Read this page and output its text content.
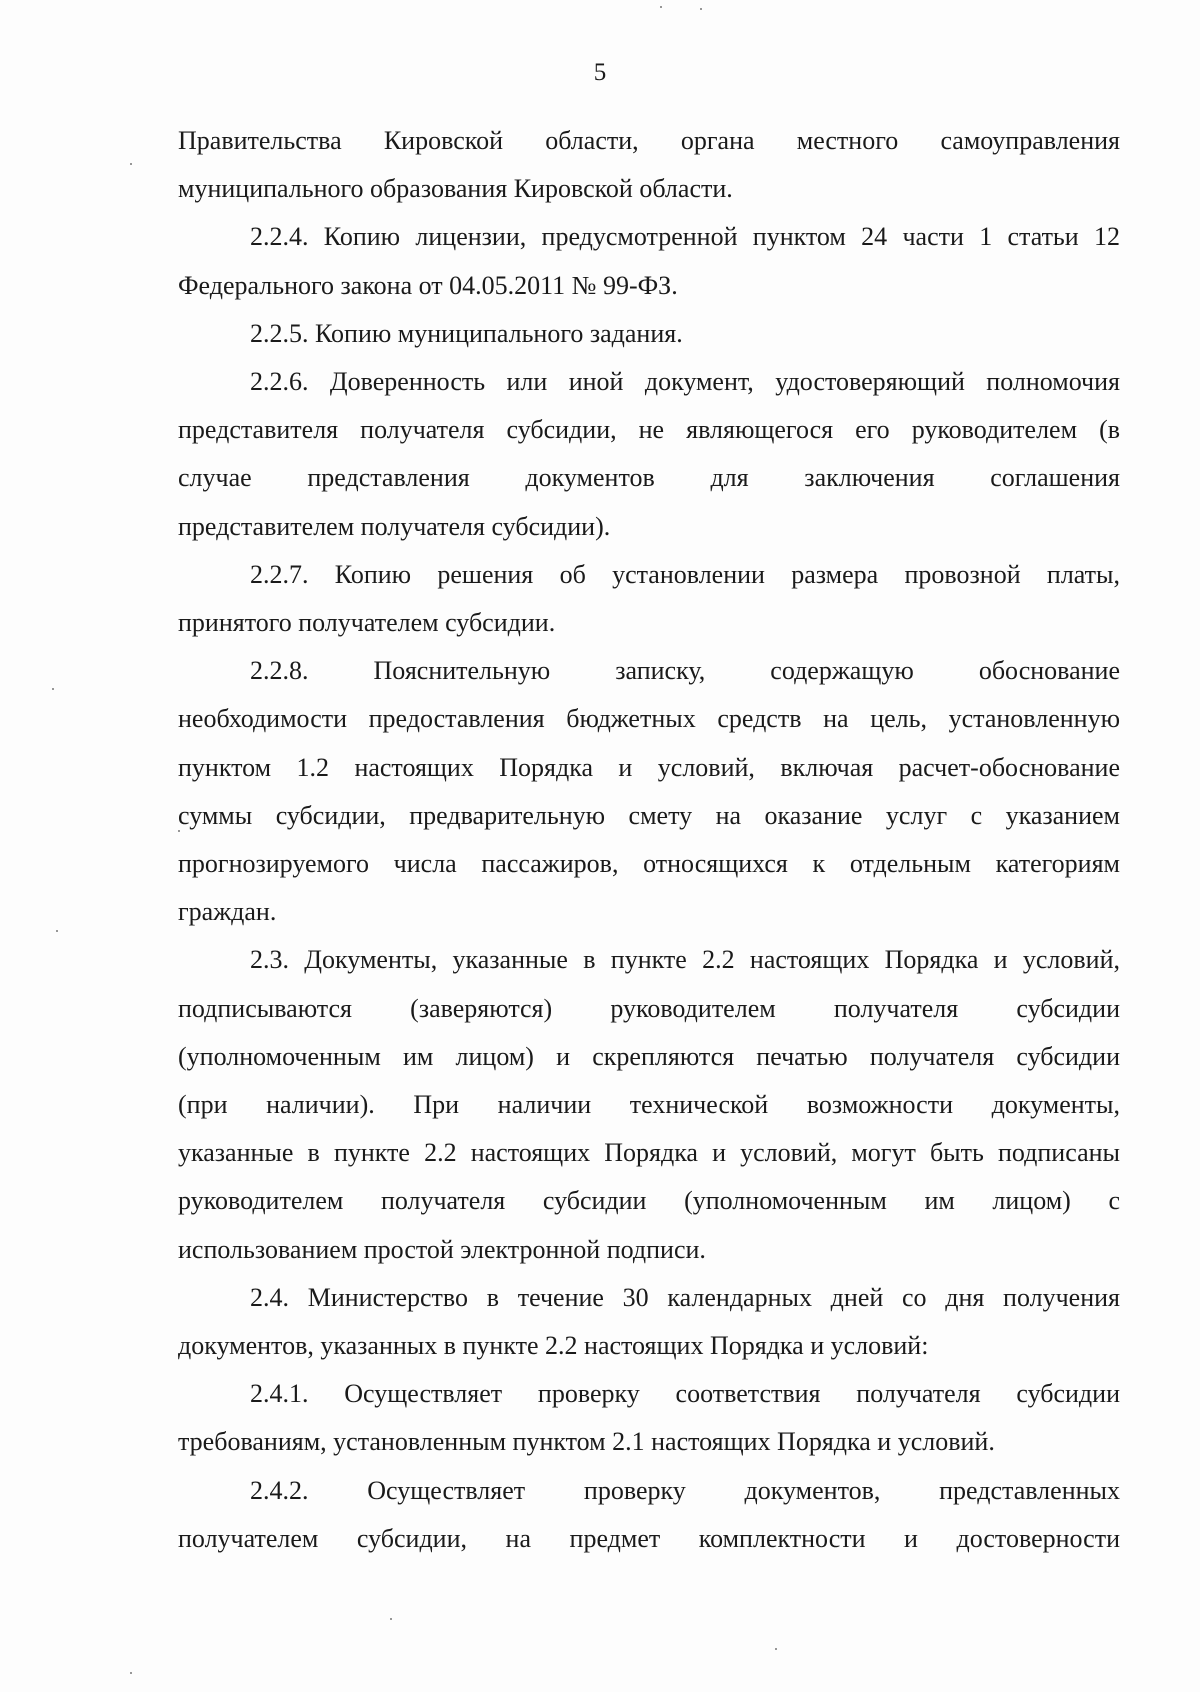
5

Правительства Кировской области, органа местного самоуправления
муниципального образования Кировской области.

2.2.4. Копию лицензии, предусмотренной пунктом 24 части 1 статьи 12
Федерального закона от 04.05.2011 № 99-ФЗ.

2.2.5. Копию муниципального задания.

2.2.6. Доверенность или иной документ, удостоверяющий полномочия
представителя получателя субсидии, не являющегося его руководителем (в
случае представления документов для заключения соглашения
представителем получателя субсидии).

2.2.7. Копию решения об установлении размера провозной платы,
принятого получателем субсидии.

2.2.8. Пояснительную записку, содержащую обоснование
необходимости предоставления бюджетных средств на цель, установленную
пунктом 1.2 настоящих Порядка и условий, включая расчет-обоснование
суммы субсидии, предварительную смету на оказание услуг с указанием
прогнозируемого числа пассажиров, относящихся к отдельным категориям
граждан.

2.3. Документы, указанные в пункте 2.2 настоящих Порядка и условий,
подписываются (заверяются) руководителем получателя субсидии
(уполномоченным им лицом) и скрепляются печатью получателя субсидии
(при наличии). При наличии технической возможности документы,
указанные в пункте 2.2 настоящих Порядка и условий, могут быть подписаны
руководителем получателя субсидии (уполномоченным им лицом) с
использованием простой электронной подписи.

2.4. Министерство в течение 30 календарных дней со дня получения
документов, указанных в пункте 2.2 настоящих Порядка и условий:

2.4.1. Осуществляет проверку соответствия получателя субсидии
требованиям, установленным пунктом 2.1 настоящих Порядка и условий.

2.4.2. Осуществляет проверку документов, представленных
получателем субсидии, на предмет комплектности и достоверности
